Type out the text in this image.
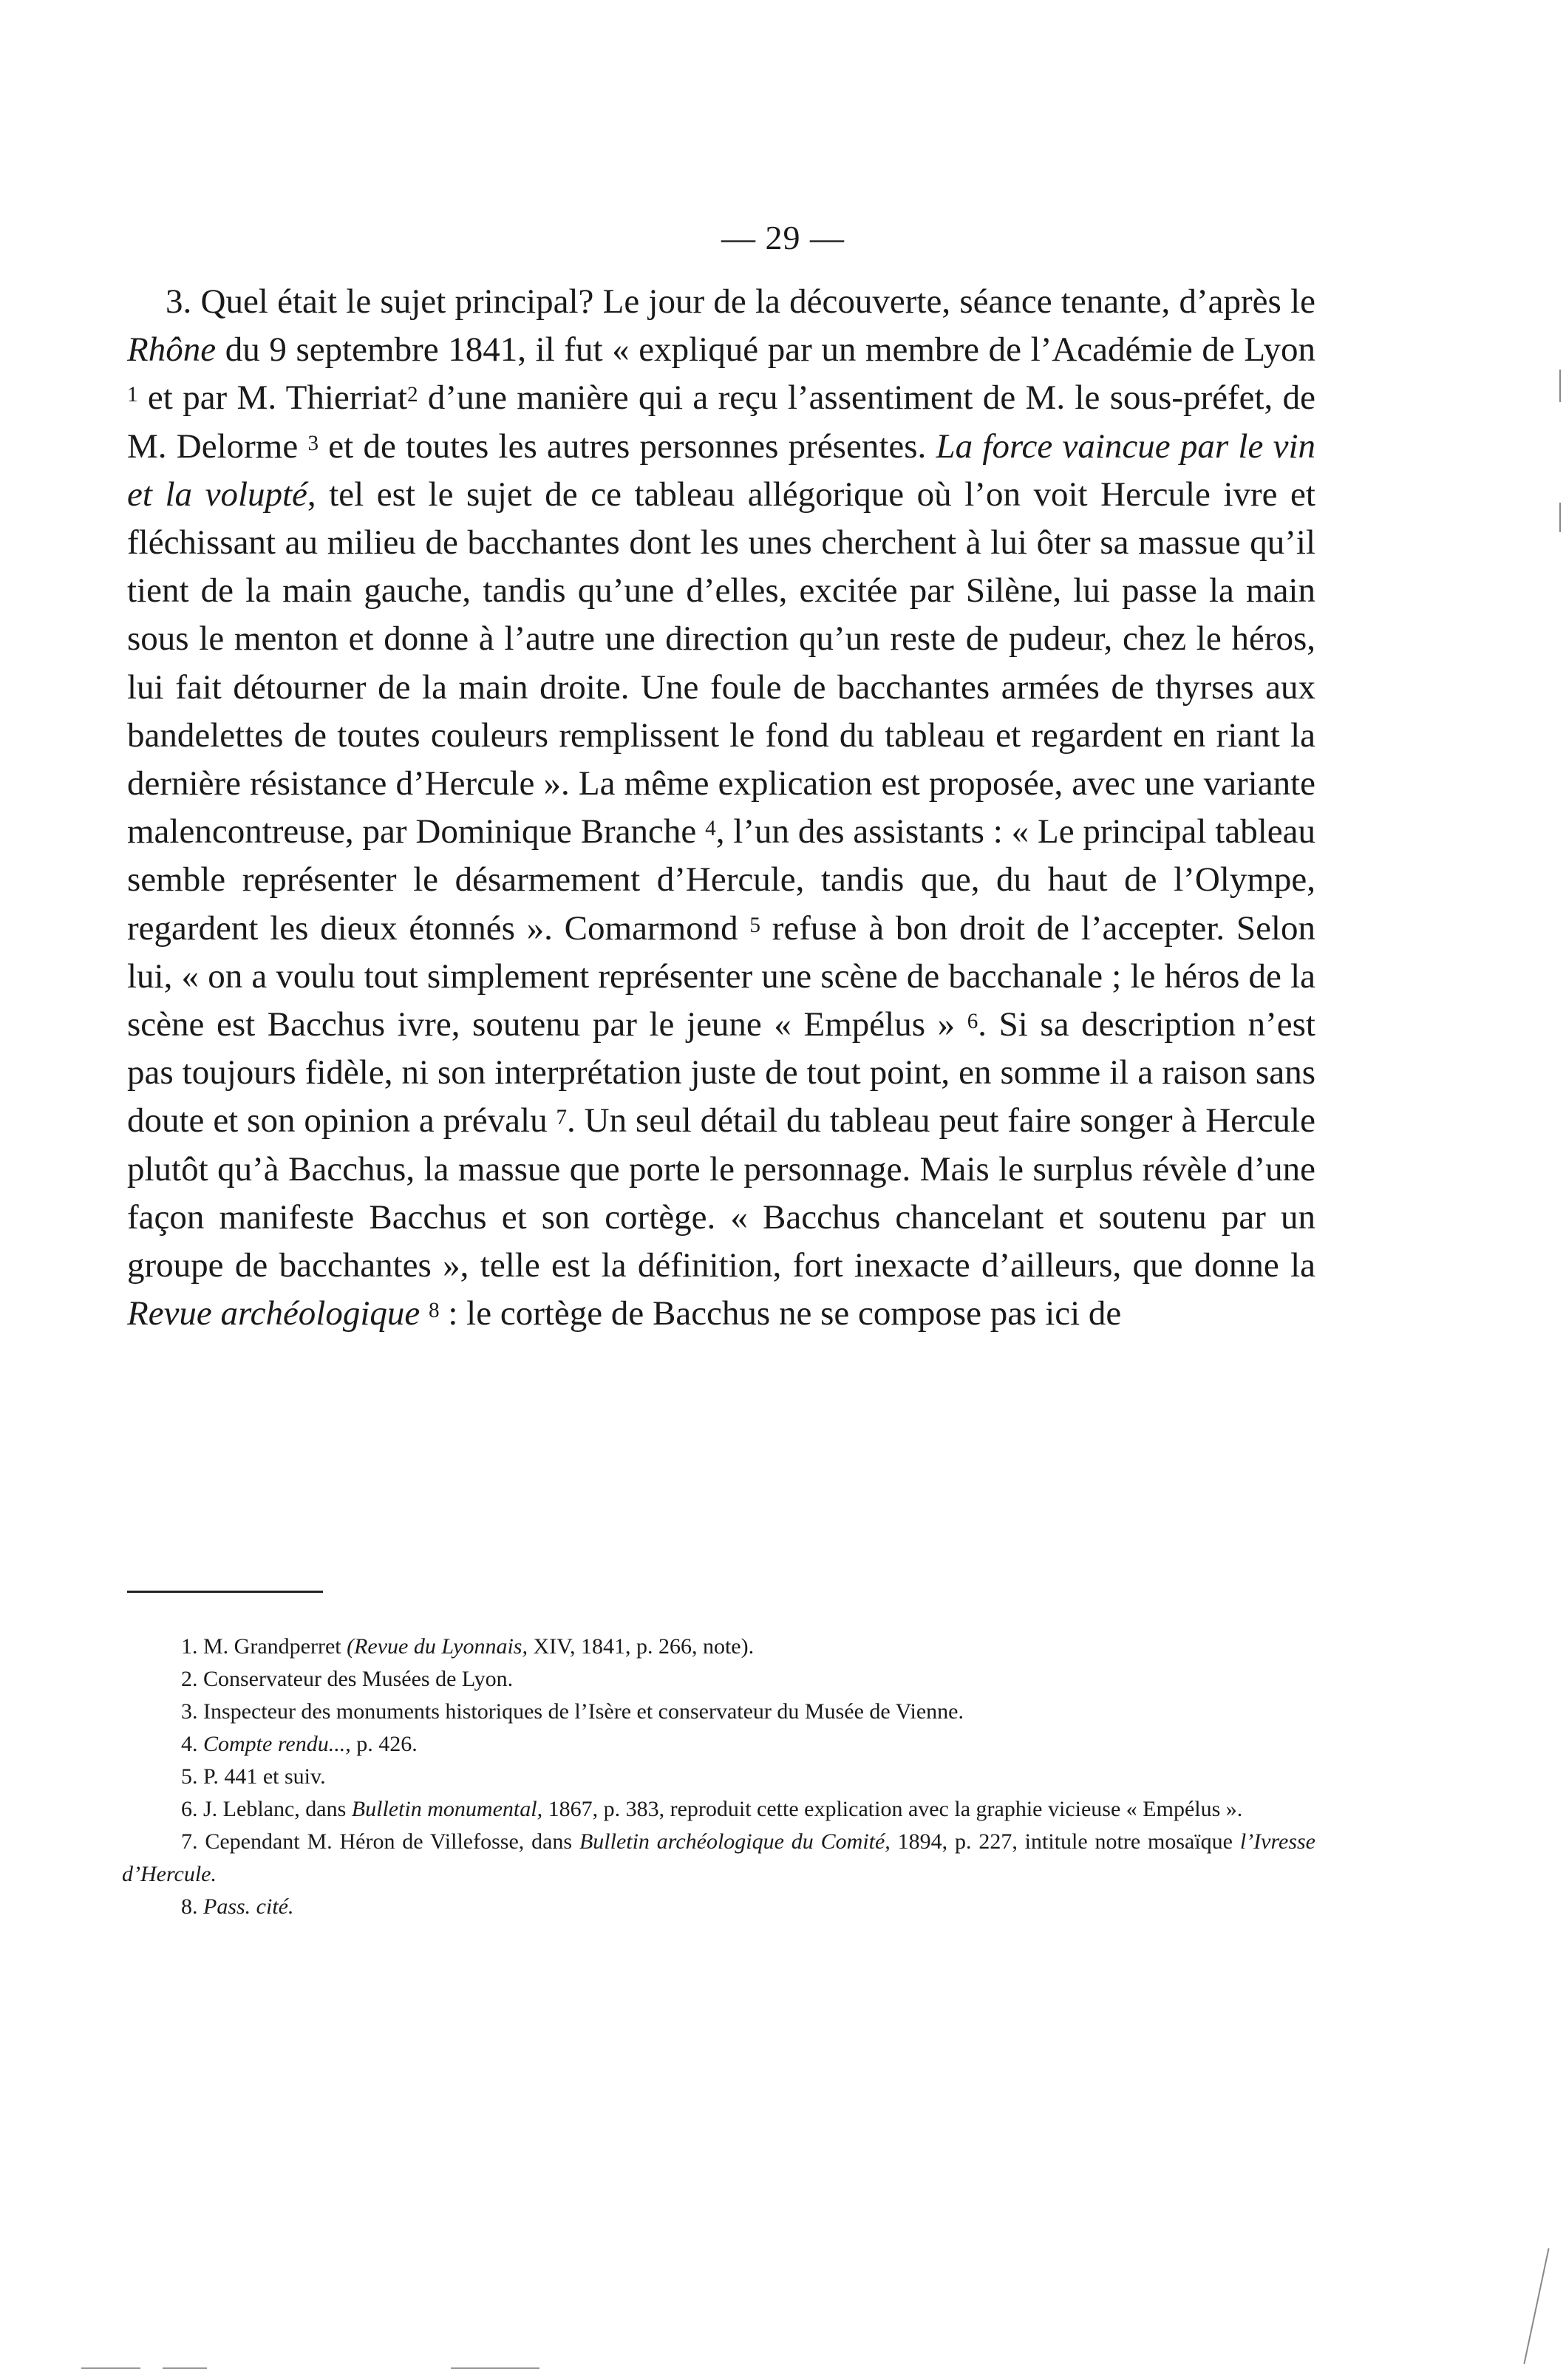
— 29 —

3. Quel était le sujet principal? Le jour de la découverte, séance tenante, d’après le Rhône du 9 septembre 1841, il fut « expliqué par un membre de l’Académie de Lyon $^1$ et par M. Thierriat$^2$ d’une manière qui a reçu l’assentiment de M. le sous-préfet, de M. Delorme $^3$ et de toutes les autres personnes présentes. La force vaincue par le vin et la volupté, tel est le sujet de ce tableau allégorique où l’on voit Hercule ivre et fléchissant au milieu de bacchantes dont les unes cherchent à lui ôter sa massue qu’il tient de la main gauche, tandis qu’une d’elles, excitée par Silène, lui passe la main sous le menton et donne à l’autre une direction qu’un reste de pudeur, chez le héros, lui fait détourner de la main droite. Une foule de bacchantes armées de thyrses aux bandelettes de toutes couleurs remplissent le fond du tableau et regardent en riant la dernière résistance d’Hercule ». La même explication est proposée, avec une variante malencontreuse, par Dominique Branche $^4$, l’un des assistants : « Le principal tableau semble représenter le désarmement d’Hercule, tandis que, du haut de l’Olympe, regardent les dieux étonnés ». Comarmond $^5$ refuse à bon droit de l’accepter. Selon lui, « on a voulu tout simplement représenter une scène de bacchanale ; le héros de la scène est Bacchus ivre, soutenu par le jeune « Empélus » $^6$. Si sa description n’est pas toujours fidèle, ni son interprétation juste de tout point, en somme il a raison sans doute et son opinion a prévalu $^7$. Un seul détail du tableau peut faire songer à Hercule plutôt qu’à Bacchus, la massue que porte le personnage. Mais le surplus révèle d’une façon manifeste Bacchus et son cortège. « Bacchus chancelant et soutenu par un groupe de bacchantes », telle est la définition, fort inexacte d’ailleurs, que donne la Revue archéologique $^8$ : le cortège de Bacchus ne se compose pas ici de

1. M. Grandperret (Revue du Lyonnais, XIV, 1841, p. 266, note).

2. Conservateur des Musées de Lyon.

3. Inspecteur des monuments historiques de l’Isère et conservateur du Musée de Vienne.

4. Compte rendu..., p. 426.

5. P. 441 et suiv.

6. J. Leblanc, dans Bulletin monumental, 1867, p. 383, reproduit cette explication avec la graphie vicieuse « Empélus ».

7. Cependant M. Héron de Villefosse, dans Bulletin archéologique du Comité, 1894, p. 227, intitule notre mosaïque l’Ivresse d’Hercule.

8. Pass. cité.
